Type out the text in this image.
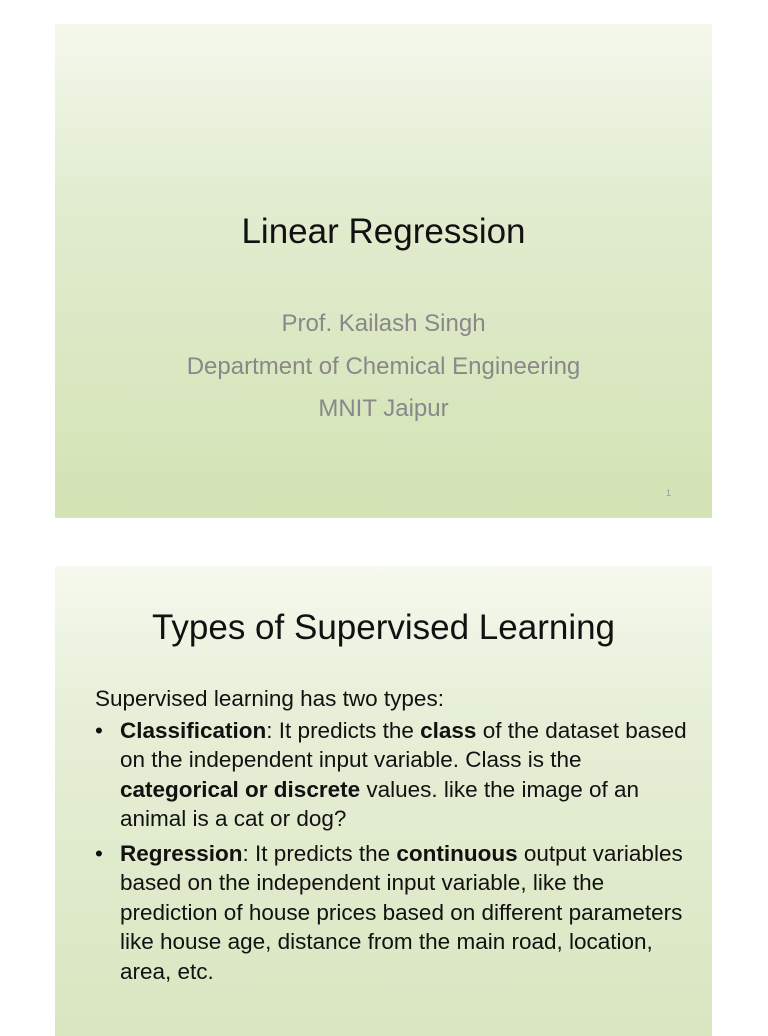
Linear Regression
Prof. Kailash Singh
Department of Chemical Engineering
MNIT Jaipur
1
Types of Supervised Learning

Supervised learning has two types:

• Classification: It predicts the class of the dataset based on the independent input variable. Class is the categorical or discrete values. like the image of an animal is a cat or dog?
• Regression: It predicts the continuous output variables based on the independent input variable, like the prediction of house prices based on different parameters like house age, distance from the main road, location, area, etc.
